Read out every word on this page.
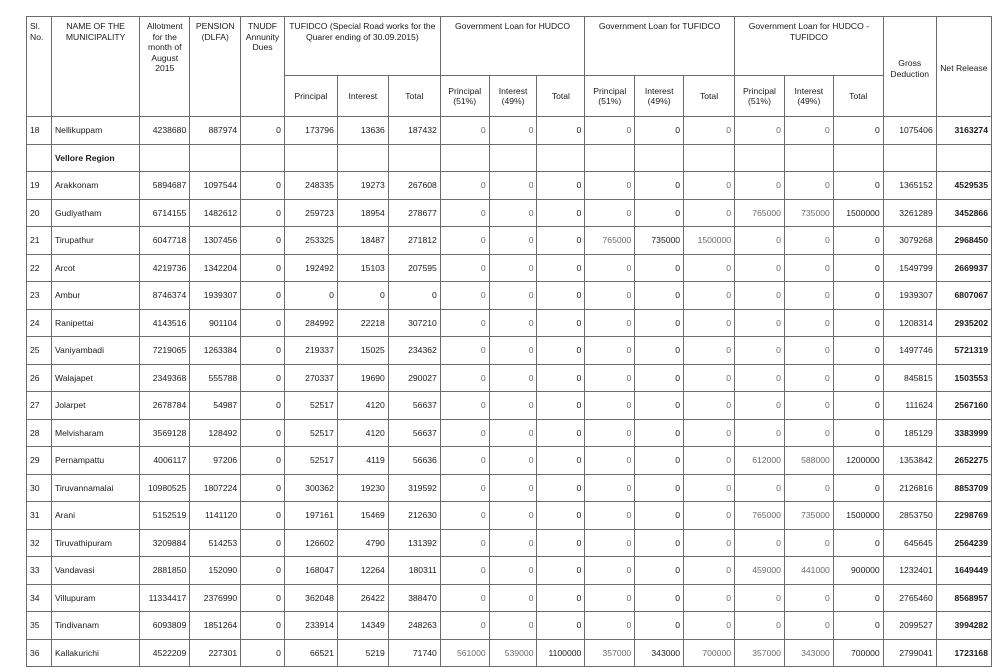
Sl. No.	NAME OF THE MUNICIPALITY	Allotment for the month of August 2015	PENSION (DLFA)	TNUDF Annunity Dues	TUFIDCO (Special Road works for the Quarer ending of 30.09.2015)			Government Loan for HUDCO			Government Loan for TUFIDCO			Government Loan for HUDCO - TUFIDCO			Gross Deduction	Net Release
					Principal	Interest	Total	Principal (51%)	Interest (49%)	Total	Principal (51%)	Interest (49%)	Total	Principal (51%)	Interest (49%)	Total		
18	Nellikuppam	4238680	887974	0	173796	13636	187432	0	0	0	0	0	0	0	0	0	1075406	3163274
	Vellore Region																	
19	Arakkonam	5894687	1097544	0	248335	19273	267608	0	0	0	0	0	0	0	0	0	1365152	4529535
20	Gudiyatham	6714155	1482612	0	259723	18954	278677	0	0	0	0	0	0	765000	735000	1500000	3261289	3452866
21	Tirupathur	6047718	1307456	0	253325	18487	271812	0	0	0	765000	735000	1500000	0	0	0	3079268	2968450
22	Arcot	4219736	1342204	0	192492	15103	207595	0	0	0	0	0	0	0	0	0	1549799	2669937
23	Ambur	8746374	1939307	0	0	0	0	0	0	0	0	0	0	0	0	0	1939307	6807067
24	Ranipettai	4143516	901104	0	284992	22218	307210	0	0	0	0	0	0	0	0	0	1208314	2935202
25	Vaniyambadi	7219065	1263384	0	219337	15025	234362	0	0	0	0	0	0	0	0	0	1497746	5721319
26	Walajapet	2349368	555788	0	270337	19690	290027	0	0	0	0	0	0	0	0	0	845815	1503553
27	Jolarpet	2678784	54987	0	52517	4120	56637	0	0	0	0	0	0	0	0	0	111624	2567160
28	Melvisharam	3569128	128492	0	52517	4120	56637	0	0	0	0	0	0	0	0	0	185129	3383999
29	Pernampattu	4006117	97206	0	52517	4119	56636	0	0	0	0	0	0	612000	588000	1200000	1353842	2652275
30	Tiruvannamalai	10980525	1807224	0	300362	19230	319592	0	0	0	0	0	0	0	0	0	2126816	8853709
31	Arani	5152519	1141120	0	197161	15469	212630	0	0	0	0	0	0	765000	735000	1500000	2853750	2298769
32	Tiruvathipuram	3209884	514253	0	126602	4790	131392	0	0	0	0	0	0	0	0	0	645645	2564239
33	Vandavasi	2881850	152090	0	168047	12264	180311	0	0	0	0	0	0	459000	441000	900000	1232401	1649449
34	Villupuram	11334417	2376990	0	362048	26422	388470	0	0	0	0	0	0	0	0	0	2765460	8568957
35	Tindivanam	6093809	1851264	0	233914	14349	248263	0	0	0	0	0	0	0	0	0	2099527	3994282
36	Kallakurichi	4522209	227301	0	66521	5219	71740	561000	539000	1100000	357000	343000	700000	357000	343000	700000	2799041	1723168
